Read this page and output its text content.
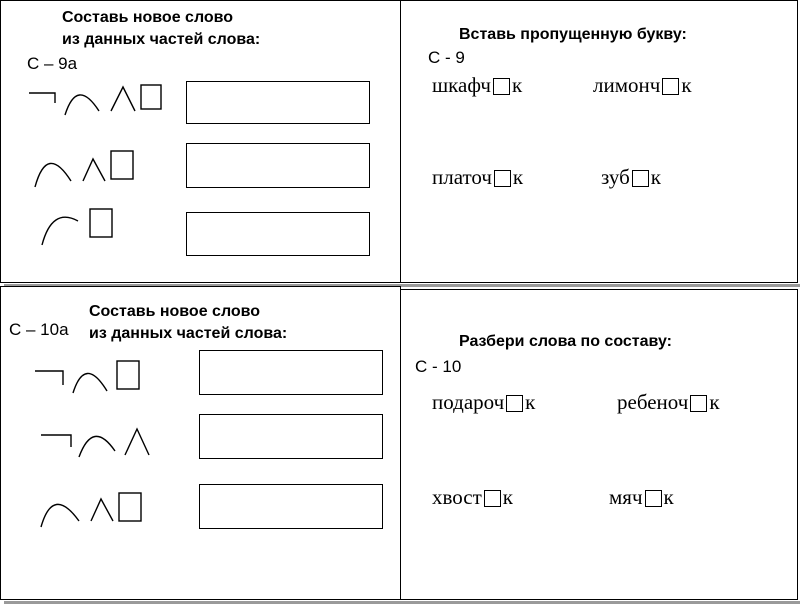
Составь новое слово
из данных частей слова:
С – 9а
Вставь пропущенную букву:
С - 9
шкафч к	лимонч к
платоч к	зуб к
Составь новое слово
из данных частей слова:
С – 10а
Разбери слова по составу:
С - 10
подароч к	ребеноч к
хвост к	мяч к
